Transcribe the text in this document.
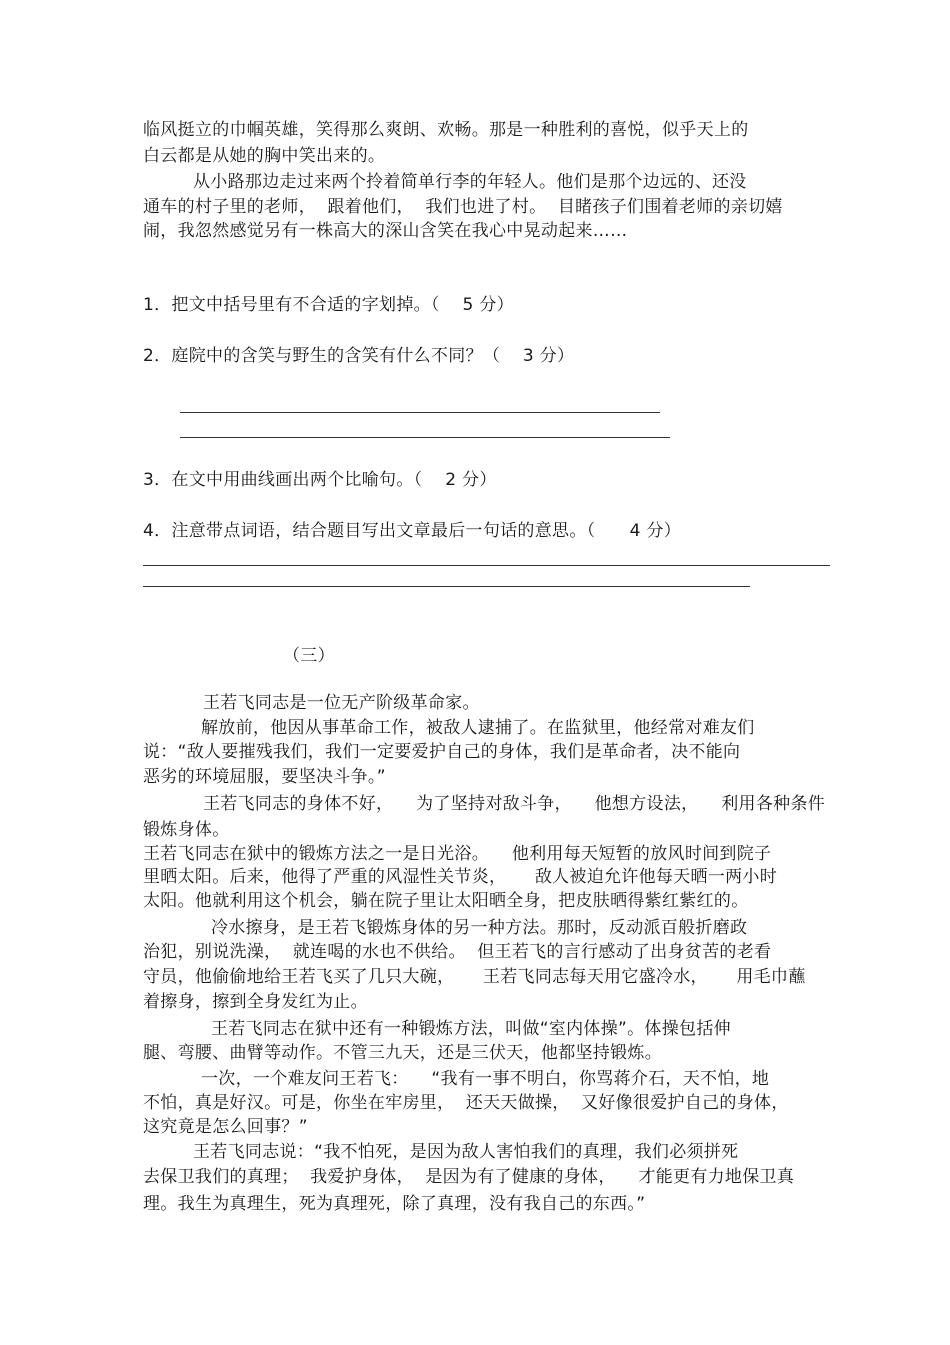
临风挺立的巾帼英雄，笑得那么爽朗、欢畅。那是一种胜利的喜悦，似乎天上的
白云都是从她的胸中笑出来的。
从小路那边走过来两个拎着简单行李的年轻人。他们是那个边远的、还没
通车的村子里的老师，  跟着他们，  我们也进了村。  目睹孩子们围着老师的亲切嬉
闹，我忽然感觉另有一株高大的深山含笑在我心中晃动起来……
1．把文中括号里有不合适的字划掉。（    5 分）
2．庭院中的含笑与野生的含笑有什么不同？（    3 分）
3．在文中用曲线画出两个比喻句。（    2 分）
4．注意带点词语，结合题目写出文章最后一句话的意思。（      4 分）
（三）
王若飞同志是一位无产阶级革命家。
解放前，他因从事革命工作，被敌人逮捕了。在监狱里，他经常对难友们
说：“敌人要摧残我们，我们一定要爱护自己的身体，我们是革命者，决不能向
恶劣的环境屈服，要坚决斗争。”
王若飞同志的身体不好，    为了坚持对敌斗争，    他想方设法，    利用各种条件
锻炼身体。
王若飞同志在狱中的锻炼方法之一是日光浴。    他利用每天短暂的放风时间到院子
里晒太阳。后来，他得了严重的风湿性关节炎，     敌人被迫允许他每天晒一两小时
太阳。他就利用这个机会，躺在院子里让太阳晒全身，把皮肤晒得紫红紫红的。
冷水擦身，是王若飞锻炼身体的另一种方法。那时，反动派百般折磨政
治犯，别说洗澡，  就连喝的水也不供给。  但王若飞的言行感动了出身贫苦的老看
守员，他偷偷地给王若飞买了几只大碗，     王若飞同志每天用它盛冷水，     用毛巾蘸
着擦身，擦到全身发红为止。
王若飞同志在狱中还有一种锻炼方法，叫做“室内体操”。体操包括伸
腿、弯腰、曲臂等动作。不管三九天，还是三伏天，他都坚持锻炼。
一次，一个难友问王若飞：    “我有一事不明白，你骂蒋介石，天不怕，地
不怕，真是好汉。可是，你坐在牢房里，  还天天做操，  又好像很爱护自己的身体，
这究竟是怎么回事？”
王若飞同志说：“我不怕死，是因为敌人害怕我们的真理，我们必须拼死
去保卫我们的真理；  我爱护身体，  是因为有了健康的身体，    才能更有力地保卫真
理。我生为真理生，死为真理死，除了真理，没有我自己的东西。”
